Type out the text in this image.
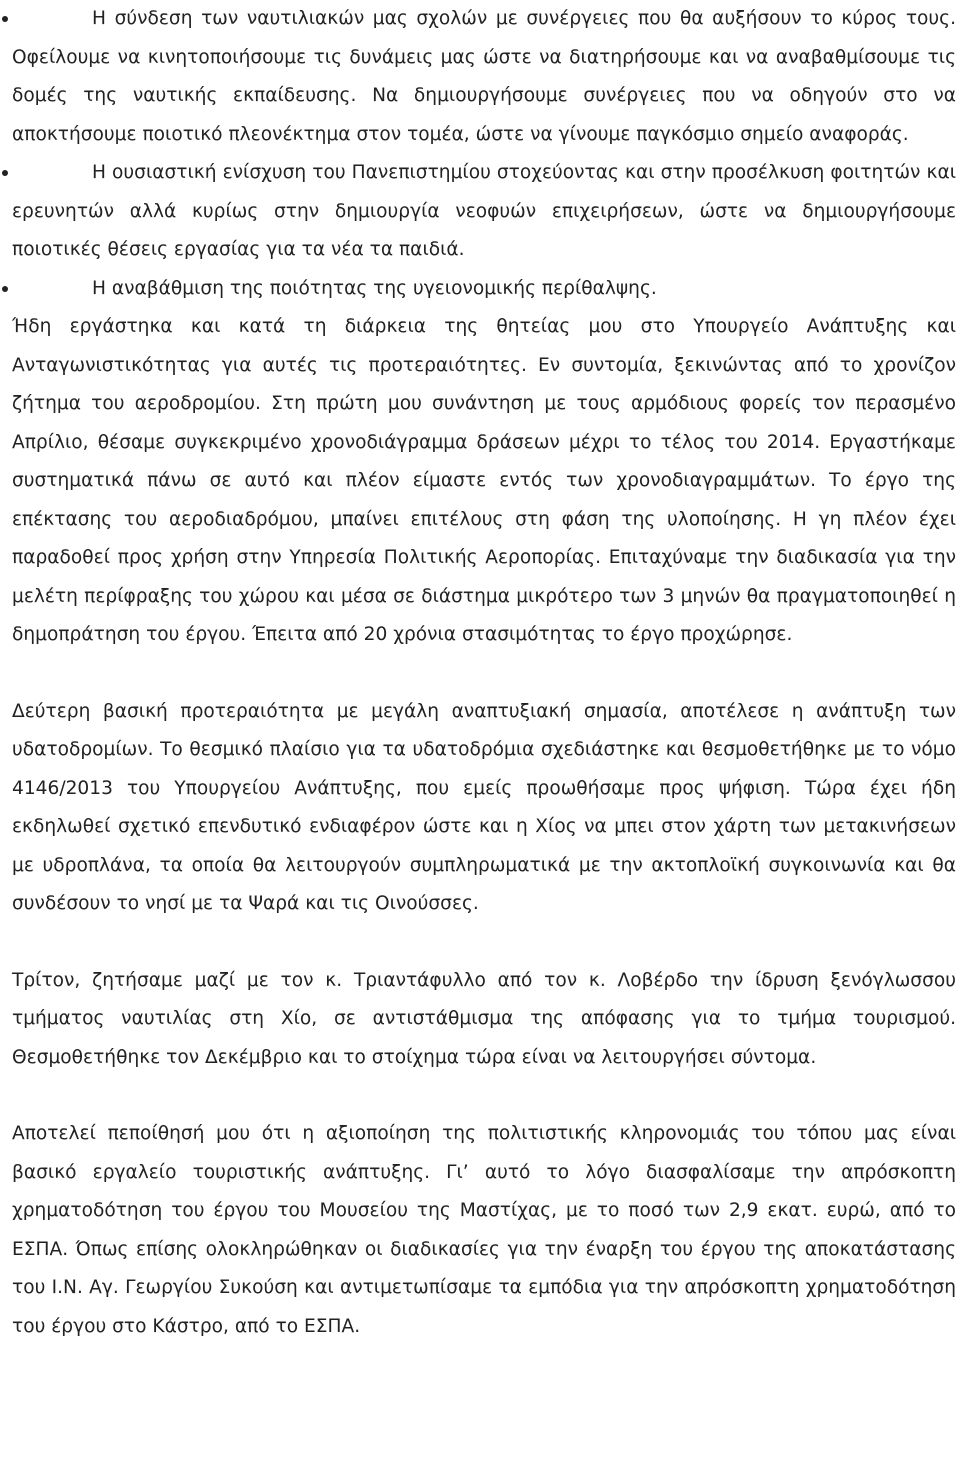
Η σύνδεση των ναυτιλιακών μας σχολών με συνέργειες που θα αυξήσουν το κύρος τους. Οφείλουμε να κινητοποιήσουμε τις δυνάμεις μας ώστε να διατηρήσουμε και να αναβαθμίσουμε τις δομές της ναυτικής εκπαίδευσης. Να δημιουργήσουμε συνέργειες που να οδηγούν στο να αποκτήσουμε ποιοτικό πλεονέκτημα στον τομέα, ώστε να γίνουμε παγκόσμιο σημείο αναφοράς.
Η ουσιαστική ενίσχυση του Πανεπιστημίου στοχεύοντας και στην προσέλκυση φοιτητών και ερευνητών αλλά κυρίως στην δημιουργία νεοφυών επιχειρήσεων, ώστε να δημιουργήσουμε ποιοτικές θέσεις εργασίας για τα νέα τα παιδιά.
Η αναβάθμιση της ποιότητας της υγειονομικής περίθαλψης.

Ήδη εργάστηκα και κατά τη διάρκεια της θητείας μου στο Υπουργείο Ανάπτυξης και Ανταγωνιστικότητας για αυτές τις προτεραιότητες. Εν συντομία, ξεκινώντας από το χρονίζον ζήτημα του αεροδρομίου. Στη πρώτη μου συνάντηση με τους αρμόδιους φορείς τον περασμένο Απρίλιο, θέσαμε συγκεκριμένο χρονοδιάγραμμα δράσεων μέχρι το τέλος του 2014. Εργαστήκαμε συστηματικά πάνω σε αυτό και πλέον είμαστε εντός των χρονοδιαγραμμάτων. Το έργο της επέκτασης του αεροδιαδρόμου, μπαίνει επιτέλους στη φάση της υλοποίησης. Η γη πλέον έχει παραδοθεί προς χρήση στην Υπηρεσία Πολιτικής Αεροπορίας. Επιταχύναμε την διαδικασία για την μελέτη περίφραξης του χώρου και μέσα σε διάστημα μικρότερο των 3 μηνών θα πραγματοποιηθεί η δημοπράτηση του έργου. Έπειτα από 20 χρόνια στασιμότητας το έργο προχώρησε.

Δεύτερη βασική προτεραιότητα με μεγάλη αναπτυξιακή σημασία, αποτέλεσε η ανάπτυξη των υδατοδρομίων. Το θεσμικό πλαίσιο για τα υδατοδρόμια σχεδιάστηκε και θεσμοθετήθηκε με το νόμο 4146/2013 του Υπουργείου Ανάπτυξης, που εμείς προωθήσαμε προς ψήφιση. Τώρα έχει ήδη εκδηλωθεί σχετικό επενδυτικό ενδιαφέρον ώστε και η Χίος να μπει στον χάρτη των μετακινήσεων με υδροπλάνα, τα οποία θα λειτουργούν συμπληρωματικά με την ακτοπλοϊκή συγκοινωνία και θα συνδέσουν το νησί με τα Ψαρά και τις Οινούσσες.

Τρίτον, ζητήσαμε μαζί με τον κ. Τριαντάφυλλο από τον κ. Λοβέρδο την ίδρυση ξενόγλωσσου τμήματος ναυτιλίας στη Χίο, σε αντιστάθμισμα της απόφασης για το τμήμα τουρισμού. Θεσμοθετήθηκε τον Δεκέμβριο και το στοίχημα τώρα είναι να λειτουργήσει σύντομα.

Αποτελεί πεποίθησή μου ότι η αξιοποίηση της πολιτιστικής κληρονομιάς του τόπου μας είναι βασικό εργαλείο τουριστικής ανάπτυξης. Γι’ αυτό το λόγο διασφαλίσαμε την απρόσκοπτη χρηματοδότηση του έργου του Μουσείου της Μαστίχας, με το ποσό των 2,9 εκατ. ευρώ, από το ΕΣΠΑ. Όπως επίσης ολοκληρώθηκαν οι διαδικασίες για την έναρξη του έργου της αποκατάστασης του Ι.Ν. Αγ. Γεωργίου Συκούση και αντιμετωπίσαμε τα εμπόδια για την απρόσκοπτη χρηματοδότηση του έργου στο Κάστρο, από το ΕΣΠΑ.
